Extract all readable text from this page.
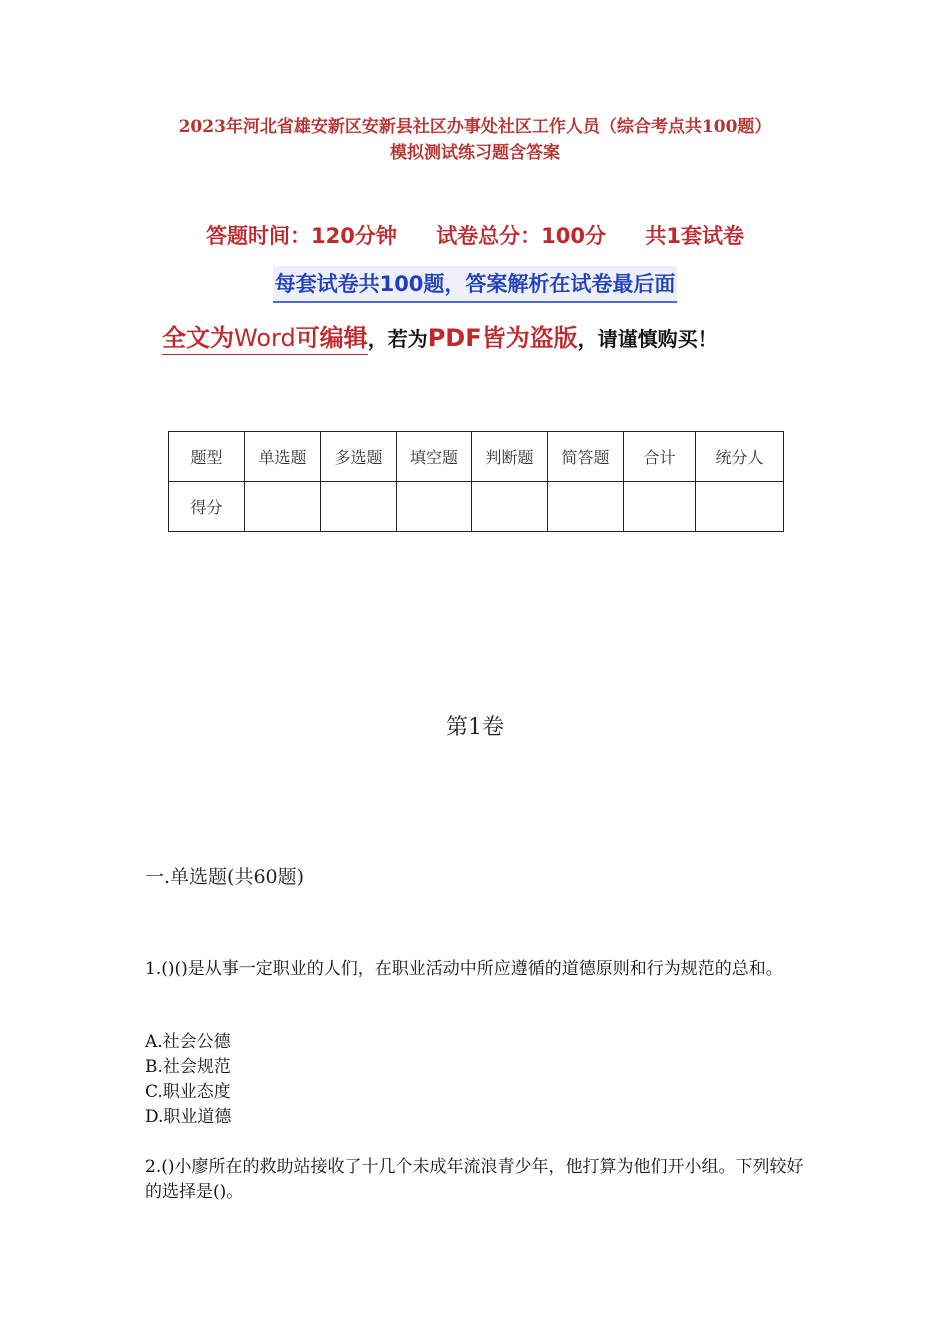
2023年河北省雄安新区安新县社区办事处社区工作人员（综合考点共100题）
模拟测试练习题含答案
答题时间：120分钟 试卷总分：100分 共1套试卷
每套试卷共100题，答案解析在试卷最后面
全文为Word可编辑，若为PDF皆为盗版，请谨慎购买！
题型	单选题	多选题	填空题	判断题	简答题	合计	统分人
得分							
第1卷
一.单选题(共60题)
1.()()是从事一定职业的人们，在职业活动中所应遵循的道德原则和行为规范的总和。
A.社会公德
B.社会规范
C.职业态度
D.职业道德
2.()小廖所在的救助站接收了十几个未成年流浪青少年，他打算为他们开小组。下列较好的选择是()。
